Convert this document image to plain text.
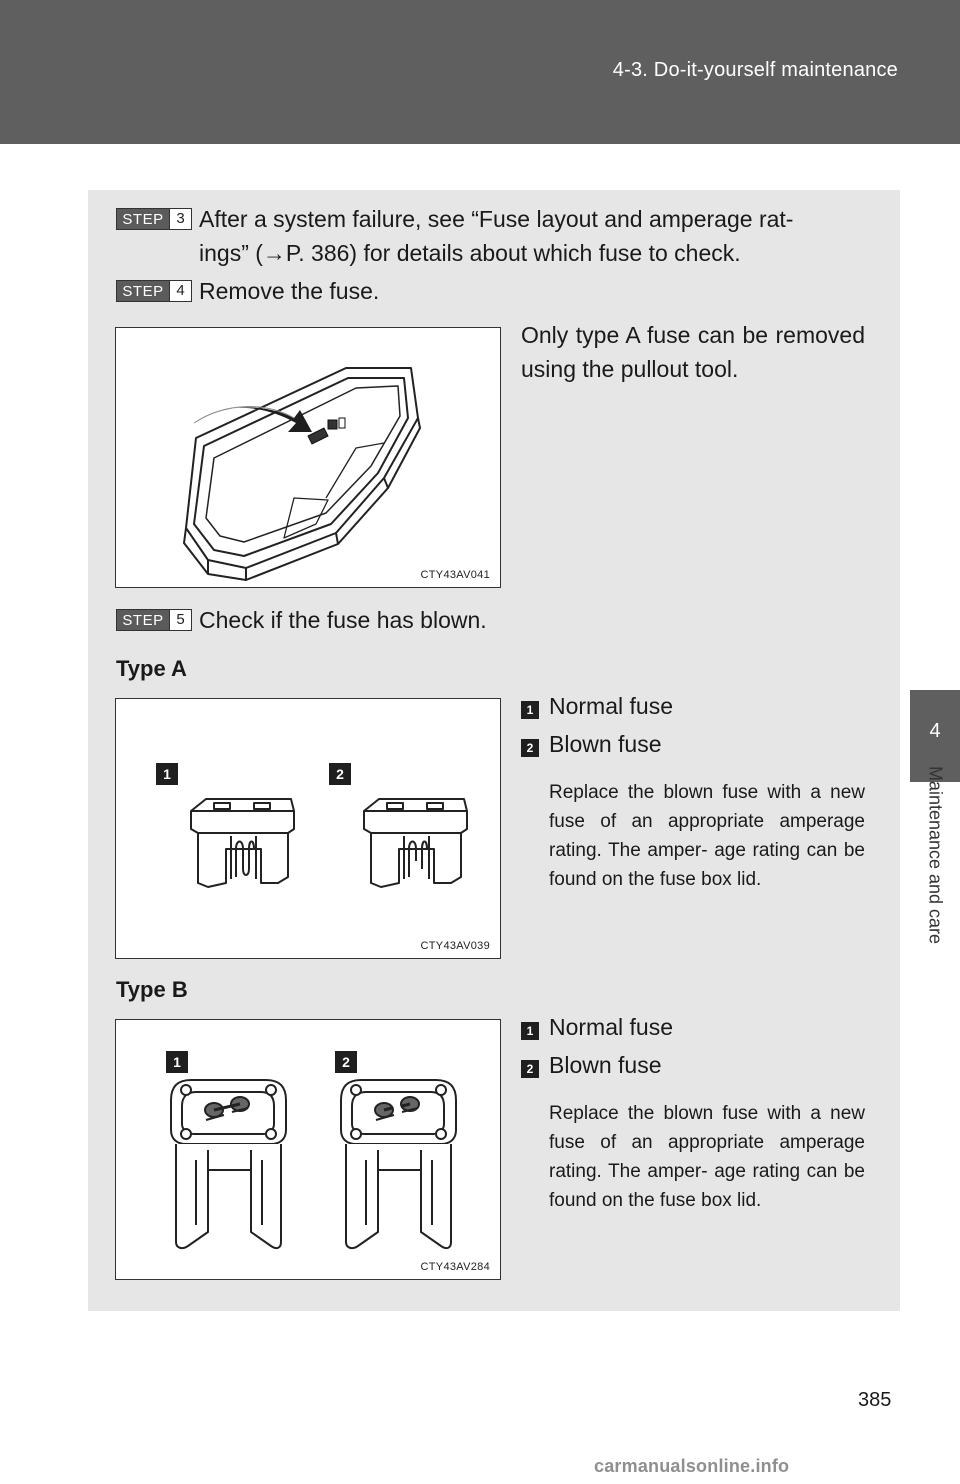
4-3. Do-it-yourself maintenance
4
Maintenance and care
STEP 3 After a system failure, see “Fuse layout and amperage rat-
ings” (→P. 386) for details about which fuse to check.
STEP 4 Remove the fuse.
CTY43AV041
Only type A fuse can be removed using the pullout tool.
STEP 5 Check if the fuse has blown.
Type A
1	2
CTY43AV039
1 Normal fuse
2 Blown fuse
Replace the blown fuse with a new fuse of an appropriate amperage rating. The amper- age rating can be found on the fuse box lid.
Type B
1	2
CTY43AV284
1 Normal fuse
2 Blown fuse
Replace the blown fuse with a new fuse of an appropriate amperage rating. The amper- age rating can be found on the fuse box lid.
385
carmanualsonline.info
